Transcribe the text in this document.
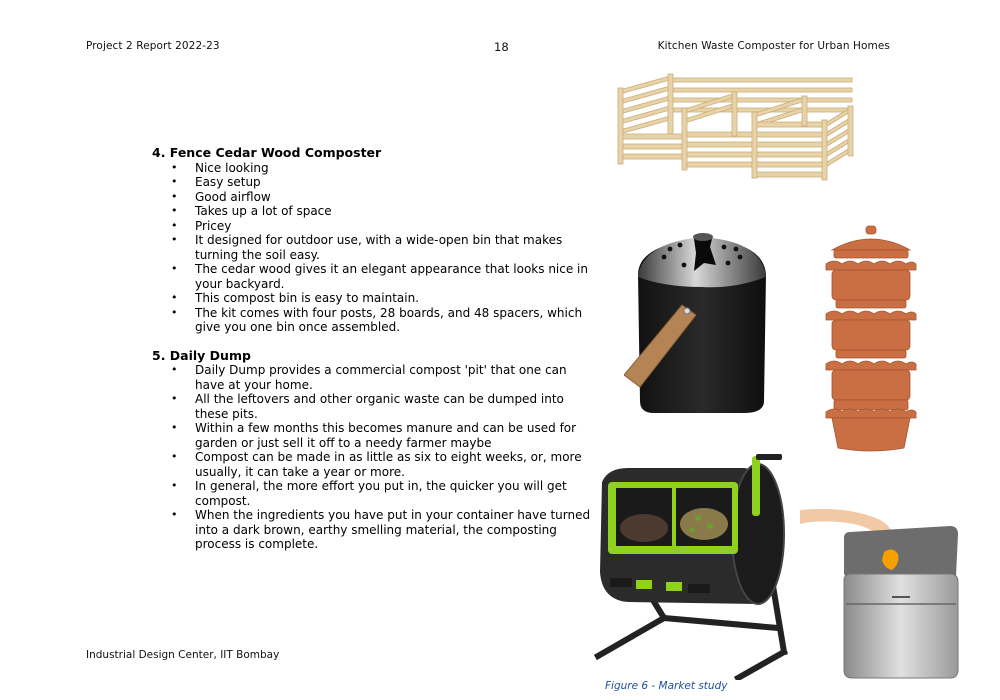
Project 2 Report 2022-23	18	Kitchen Waste Composter for Urban Homes

4. Fence Cedar Wood Composter

• Nice looking
• Easy setup
• Good airflow
• Takes up a lot of space
• Pricey
• It designed for outdoor use, with a wide-open bin that makes turning the soil easy.
• The cedar wood gives it an elegant appearance that looks nice in your backyard.
• This compost bin is easy to maintain.
• The kit comes with four posts, 28 boards, and 48 spacers, which give you one bin once assembled.

5. Daily Dump

• Daily Dump provides a commercial compost 'pit' that one can have at your home.
• All the leftovers and other organic waste can be dumped into these pits.
• Within a few months this becomes manure and can be used for garden or just sell it off to a needy farmer maybe
• Compost can be made in as little as six to eight weeks, or, more usually, it can take a year or more.
• In general, the more effort you put in, the quicker you will get compost.
• When the ingredients you have put in your container have turned into a dark brown, earthy smelling material, the composting process is complete.
Figure 6 - Market study
Industrial Design Center, IIT Bombay
